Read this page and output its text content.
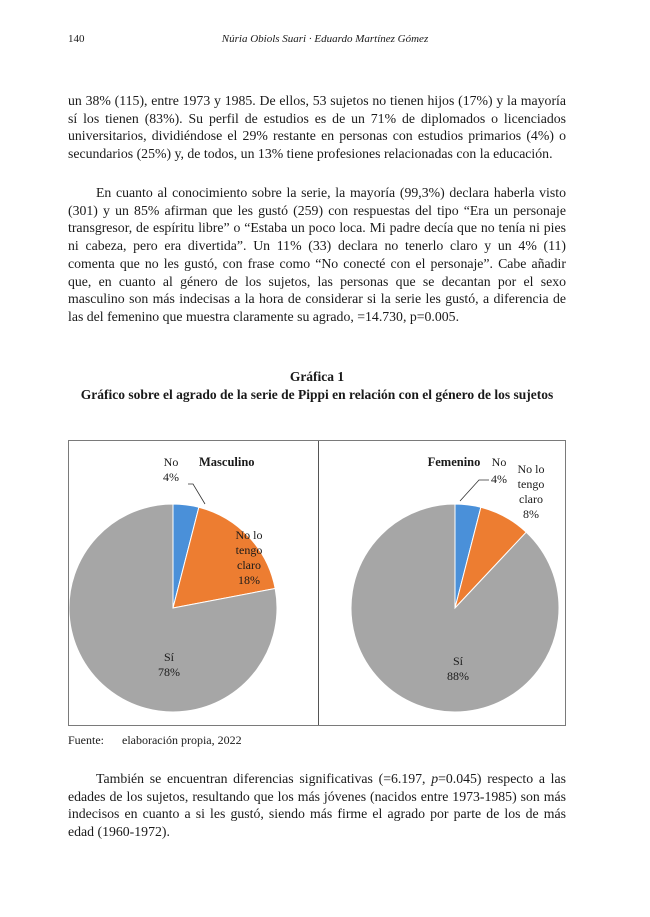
140	Núria Obiols Suari · Eduardo Martínez Gómez

un 38% (115), entre 1973 y 1985. De ellos, 53 sujetos no tienen hijos (17%) y la mayoría sí los tienen (83%). Su perfil de estudios es de un 71% de diplomados o licenciados universitarios, dividiéndose el 29% restante en personas con estudios primarios (4%) o secundarios (25%) y, de todos, un 13% tiene profesiones relacionadas con la educación.

En cuanto al conocimiento sobre la serie, la mayoría (99,3%) declara haberla visto (301) y un 85% afirman que les gustó (259) con respuestas del tipo “Era un personaje transgresor, de espíritu libre” o “Estaba un poco loca. Mi padre decía que no tenía ni pies ni cabeza, pero era divertida”. Un 11% (33) declara no tenerlo claro y un 4% (11) comenta que no les gustó, con frase como “No conecté con el personaje”. Cabe añadir que, en cuanto al género de los sujetos, las personas que se decantan por el sexo masculino son más indecisas a la hora de considerar si la serie les gustó, a diferencia de las del femenino que muestra claramente su agrado, =14.730, p=0.005.

Gráfica 1
Gráfico sobre el agrado de la serie de Pippi en relación con el género de los sujetos
Masculino
No 4%
No lo tengo claro 18%
Sí 78%
Femenino No
4%
No lo tengo claro 8%
Sí 88%
Fuente: elaboración propia, 2022

También se encuentran diferencias significativas (=6.197, p=0.045) respecto a las edades de los sujetos, resultando que los más jóvenes (nacidos entre 1973-1985) son más indecisos en cuanto a si les gustó, siendo más firme el agrado por parte de los de más edad (1960-1972).
